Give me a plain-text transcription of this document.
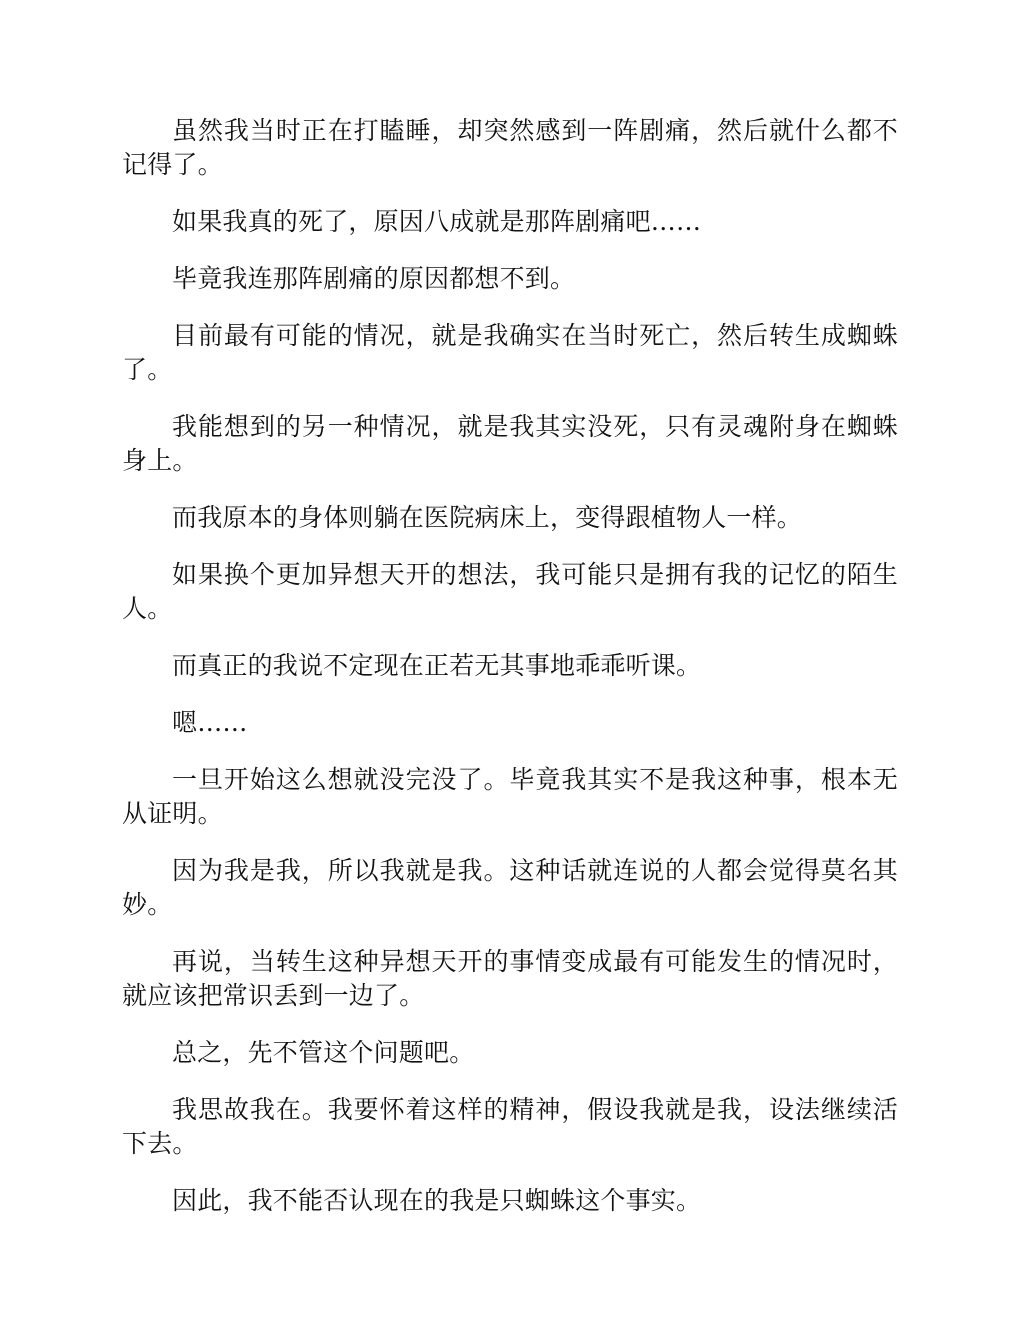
虽然我当时正在打瞌睡，却突然感到一阵剧痛，然后就什么都不记得了。

如果我真的死了，原因八成就是那阵剧痛吧……

毕竟我连那阵剧痛的原因都想不到。

目前最有可能的情况，就是我确实在当时死亡，然后转生成蜘蛛了。

我能想到的另一种情况，就是我其实没死，只有灵魂附身在蜘蛛身上。

而我原本的身体则躺在医院病床上，变得跟植物人一样。

如果换个更加异想天开的想法，我可能只是拥有我的记忆的陌生人。

而真正的我说不定现在正若无其事地乖乖听课。

嗯……

一旦开始这么想就没完没了。毕竟我其实不是我这种事，根本无从证明。

因为我是我，所以我就是我。这种话就连说的人都会觉得莫名其妙。

再说，当转生这种异想天开的事情变成最有可能发生的情况时，就应该把常识丢到一边了。

总之，先不管这个问题吧。

我思故我在。我要怀着这样的精神，假设我就是我，设法继续活下去。

因此，我不能否认现在的我是只蜘蛛这个事实。
